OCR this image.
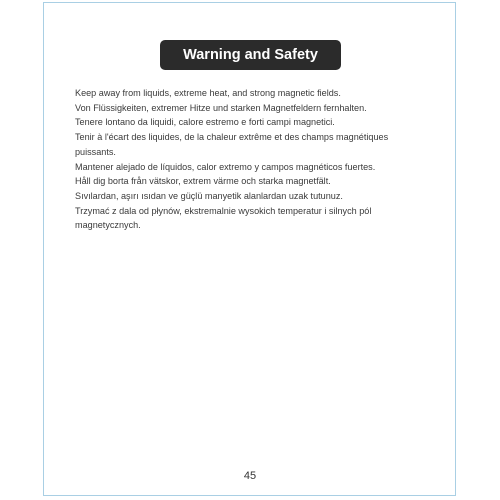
Warning and Safety
Keep away from liquids, extreme heat, and strong magnetic fields.
Von Flüssigkeiten, extremer Hitze und starken Magnetfeldern fernhalten.
Tenere lontano da liquidi, calore estremo e forti campi magnetici.
Tenir à l'écart des liquides, de la chaleur extrême et des champs magnétiques puissants.
Mantener alejado de líquidos, calor extremo y campos magnéticos fuertes.
Håll dig borta från vätskor, extrem värme och starka magnetfält.
Sıvılardan, aşırı ısıdan ve güçlü manyetik alanlardan uzak tutunuz.
Trzymać z dala od płynów, ekstremalnie wysokich temperatur i silnych pól magnetycznych.
45
